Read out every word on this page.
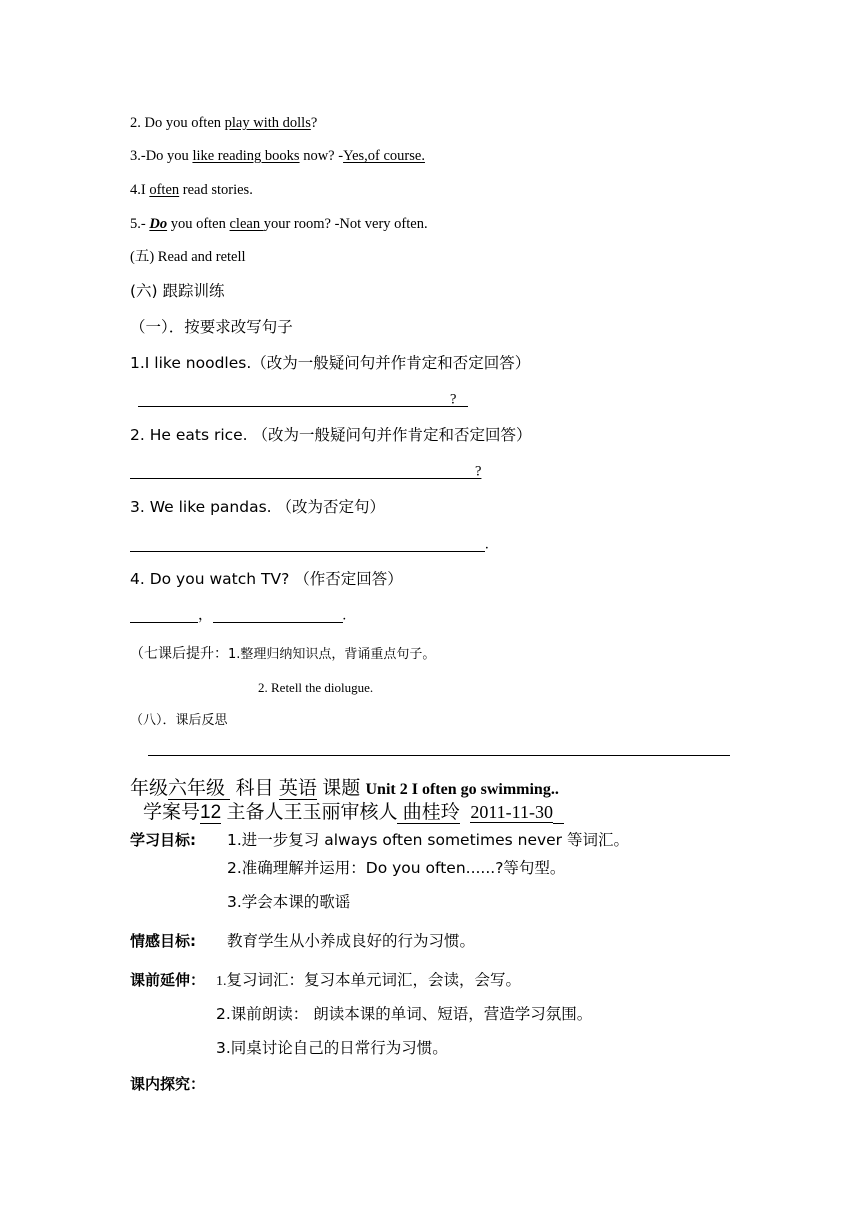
2. Do you often play with dolls?
3.-Do you like reading books now? -Yes,of course.
4.I often read stories.
5.- Do you often clean your room? -Not very often.
(五) Read and retell
(六) 跟踪训练
（一）．按要求改写句子
1.I like noodles.（改为一般疑问句并作肯定和否定回答）
?
2. He eats rice. （改为一般疑问句并作肯定和否定回答）
?
3. We like pandas. （改为否定句）
.
4. Do you watch TV? （作否定回答）
，	.
（七课后提升：1.整理归纳知识点，背诵重点句子。
2. Retell the diolugue.
（八）．课后反思
年级六年级 科目 英语 课题 Unit 2 I often go swimming..
学案号12 主备人王玉丽审核人 曲桂玲 2011-11-30
学习目标: 1.进一步复习 always often sometimes never 等词汇。
2.准确理解并运用：Do you often......?等句型。
3.学会本课的歌谣
情感目标: 教育学生从小养成良好的行为习惯。
课前延伸： 1.复习词汇：复习本单元词汇，会读，会写。
2.课前朗读： 朗读本课的单词、短语，营造学习氛围。
3.同桌讨论自己的日常行为习惯。
课内探究：
